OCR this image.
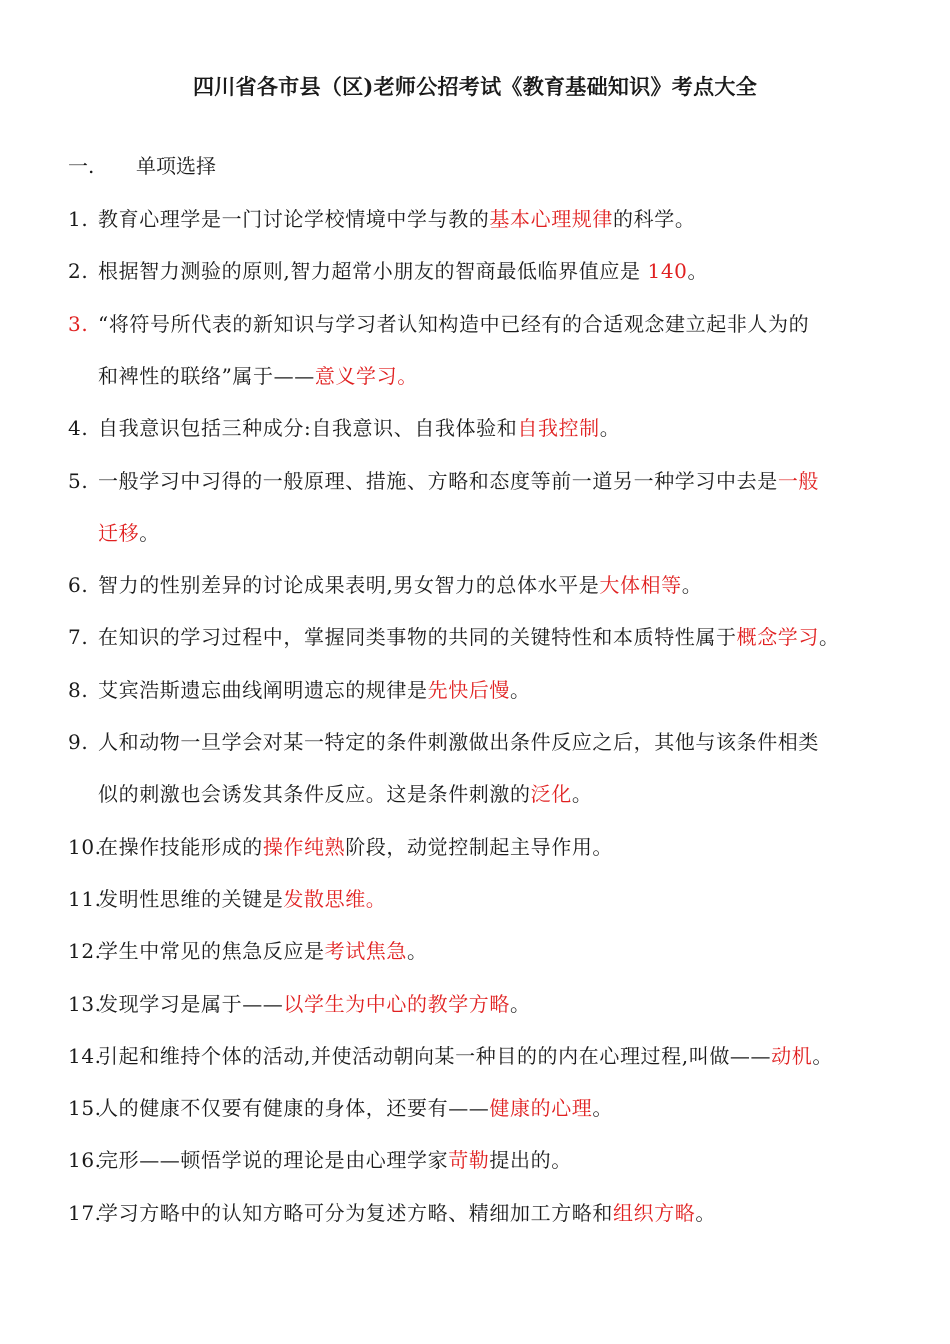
四川省各市县（区)老师公招考试《教育基础知识》考点大全
一. 单项选择
1. 教育心理学是一门讨论学校情境中学与教的基本心理规律的科学。
2. 根据智力测验的原则,智力超常小朋友的智商最低临界值应是 140。
3. “将符号所代表的新知识与学习者认知构造中已经有的合适观念建立起非人为的
和裨性的联络”属于——意义学习。
4. 自我意识包括三种成分:自我意识、自我体验和自我控制。
5. 一般学习中习得的一般原理、措施、方略和态度等前一道另一种学习中去是一般
迁移。
6. 智力的性别差异的讨论成果表明,男女智力的总体水平是大体相等。
7. 在知识的学习过程中，掌握同类事物的共同的关键特性和本质特性属于概念学习。
8. 艾宾浩斯遗忘曲线阐明遗忘的规律是先快后慢。
9. 人和动物一旦学会对某一特定的条件刺激做出条件反应之后，其他与该条件相类
似的刺激也会诱发其条件反应。这是条件刺激的泛化。
10.在操作技能形成的操作纯熟阶段，动觉控制起主导作用。
11.发明性思维的关键是发散思维。
12.学生中常见的焦急反应是考试焦急。
13.发现学习是属于——以学生为中心的教学方略。
14.引起和维持个体的活动,并使活动朝向某一种目的的内在心理过程,叫做——动机。
15.人的健康不仅要有健康的身体，还要有——健康的心理。
16.完形——顿悟学说的理论是由心理学家苛勒提出的。
17.学习方略中的认知方略可分为复述方略、精细加工方略和组织方略。
